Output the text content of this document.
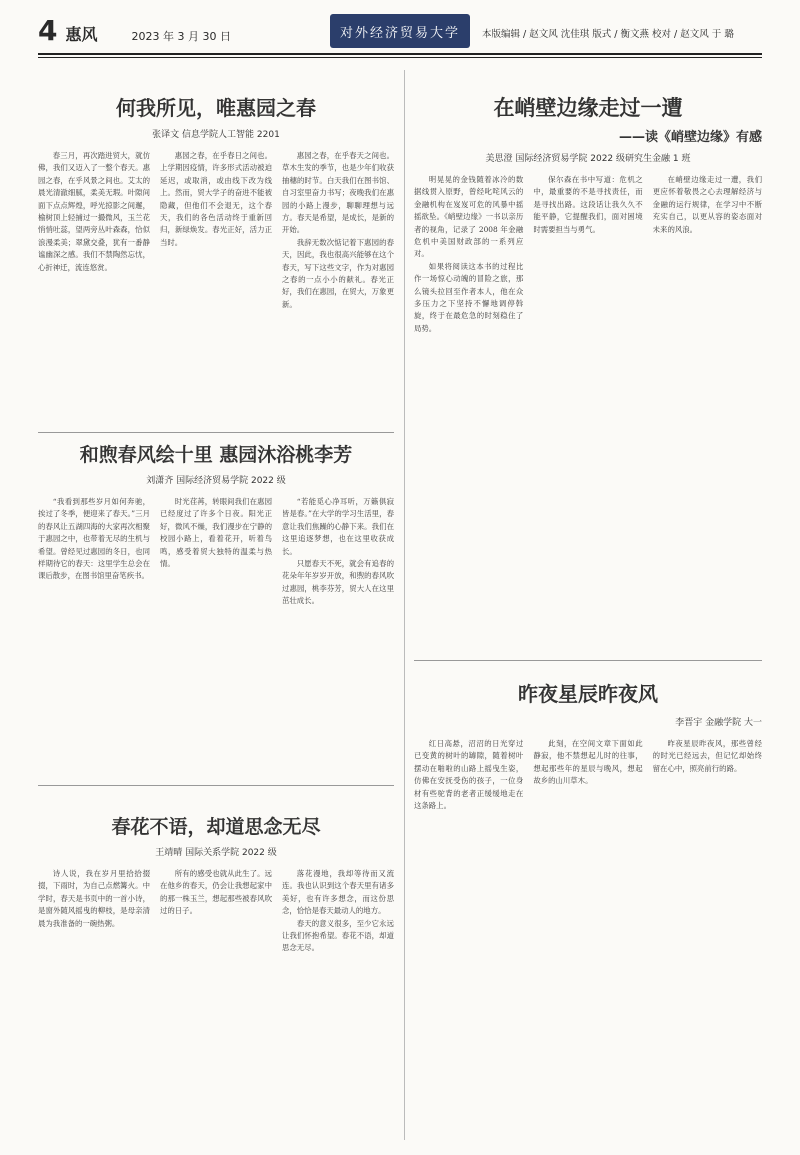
4 惠风	2023 年 3 月 30 日	对外经济贸易大学 本版编辑 / 赵文风 沈佳琪 版式 / 衡文燕 校对 / 赵文风 于 璐
何我所见，唯惠园之春
张译文 信息学院人工智能 2201

春三月，再次踏进贸大，就仿佛，我们又迈入了一整个春天。惠园之春，在乎风景之间也。艾太的晨光清澈细腻，柔美无瑕。叶隙间面下点点辉煌，呼光掠影之间邂，榆树顶上轻捕过一撮微风，玉兰花悄悄吐蕊，望两旁丛叶森森，恰似浪漫柔美；翠黛交叠，犹有一番静谧幽深之感。我们不禁陶然忘忧，心折神迁，流连悠赏。

惠园之春，在乎春日之间也。上学期因疫情，许多形式活动被迫延迟，或取消，或由线下改为线上。然而，贸大学子的奋进不能被隐藏，但他们不会退无，这个春天，我们的各色活动终于重新回归，新绿焕发。春光正好，活力正当时。

惠园之春，在乎春天之间也。草木生发的季节，也是少年们收获抽穗的时节。白天我们在图书馆、自习室里奋力书写；夜晚我们在惠园的小路上漫步，聊聊理想与远方。春天是希望，是成长，是新的开始。

我辞无数次惦记着下惠园的春天，因此，我也很高兴能够在这个春天，写下这些文字，作为对惠园之春的一点小小的献礼。春光正好，我们在惠园，在贸大，万象更新。

和煦春风绘十里 惠园沐浴桃李芳
刘潇齐 国际经济贸易学院 2022 级

“我看到那些岁月如何奔驰，挨过了冬季，便迎来了春天。”三月的春风让五湖四海的大家再次相聚于惠园之中，也带着无尽的生机与希望。曾经见过惠园的冬日，也同样期待它的春天：这里学生总会在课后散步，在图书馆里奋笔疾书。

时光荏苒，转眼间我们在惠园已经度过了许多个日夜。阳光正好，微风不燥，我们漫步在宁静的校园小路上，看着花开，听着鸟鸣，感受着贸大独特的温柔与热情。

“若能觅心净耳听，万籁俱寂皆是春。”在大学的学习生活里，春意让我们焦躁的心静下来。我们在这里追逐梦想，也在这里收获成长。

只愿春天不死，就会有追春的花朵年年岁岁开放，和煦的春风吹过惠园，桃李芬芳，贸大人在这里茁壮成长。

春花不语，却道思念无尽
王靖晴 国际关系学院 2022 级

诗人说，我在岁月里拾拾掇掇，下雨时，为自己点燃篝火。中学时，春天是书页中的一首小诗，是窗外随风摇曳的柳枝，是母亲清晨为我准备的一碗热粥。

所有的感受也就从此生了。远在他乡的春天，仍会让我想起家中的那一株玉兰，想起那些被春风吹过的日子。

落花漫地，我却等待而又流连。我也认识到这个春天里有诸多美好，也有许多想念，而这份思念，恰恰是春天最动人的地方。

春天的意义很多，至少它永远让我们怀抱希望。春花不语，却道思念无尽。

在峭壁边缘走过一遭
——读《峭壁边缘》有感
美思澄 国际经济贸易学院 2022 级研究生金融 1 班

明晃晃的金钱随着冰冷的数据线贯入原野，曾经叱咤风云的金融机构在岌岌可危的风暴中摇摇欲坠。《峭壁边缘》一书以亲历者的视角，记录了 2008 年金融危机中美国财政部的一系列应对。

如果将阅读这本书的过程比作一场惊心动魄的冒险之旅，那么镜头拉回至作者本人，他在众多压力之下坚持不懈地调停斡旋，终于在最危急的时刻稳住了局势。

保尔森在书中写道：危机之中，最重要的不是寻找责任，而是寻找出路。这段话让我久久不能平静，它提醒我们，面对困境时需要担当与勇气。

在峭壁边缘走过一遭，我们更应怀着敬畏之心去理解经济与金融的运行规律，在学习中不断充实自己，以更从容的姿态面对未来的风浪。

昨夜星辰昨夜风
李晋宇 金融学院 大一

红日高悬，沼沼的日光穿过已变黄的树叶的罅隙，随着树叶摆动在啪啦的山路上摇曳生姿，仿佛在安抚受伤的孩子，一位身材有些驼背的老者正缓缓地走在这条路上。

此刻，在空间文章下面如此静寂，他不禁想起儿时的往事，想起那些年的星辰与晚风，想起故乡的山川草木。

昨夜星辰昨夜风，那些曾经的时光已经远去，但记忆却始终留在心中，照亮前行的路。
